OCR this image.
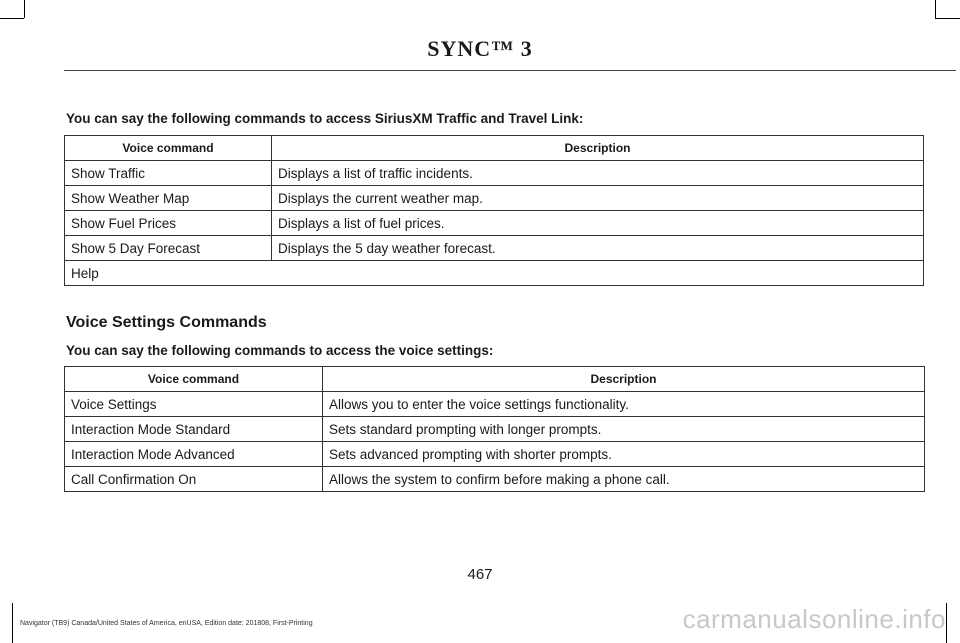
SYNC™ 3
You can say the following commands to access SiriusXM Traffic and Travel Link:
Voice command	Description
Show Traffic	Displays a list of traffic incidents.
Show Weather Map	Displays the current weather map.
Show Fuel Prices	Displays a list of fuel prices.
Show 5 Day Forecast	Displays the 5 day weather forecast.
Help	
Voice Settings Commands
You can say the following commands to access the voice settings:
Voice command	Description
Voice Settings	Allows you to enter the voice settings functionality.
Interaction Mode Standard	Sets standard prompting with longer prompts.
Interaction Mode Advanced	Sets advanced prompting with shorter prompts.
Call Confirmation On	Allows the system to confirm before making a phone call.
467
Navigator (TB9) Canada/United States of America, enUSA, Edition date: 201808, First-Printing	carmanualsonline.info
